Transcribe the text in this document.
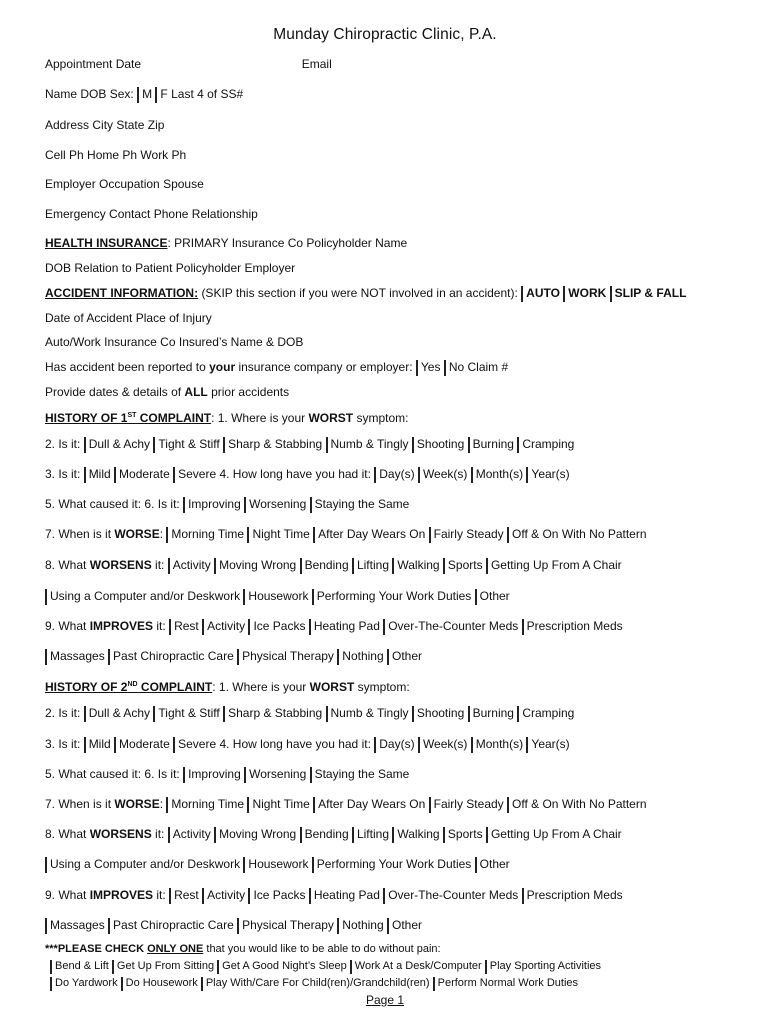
Munday Chiropractic Clinic, P.A.
Appointment Date	Email
Name DOB Sex: M F Last 4 of SS#
Address City State Zip
Cell Ph Home Ph Work Ph
Employer Occupation Spouse
Emergency Contact Phone Relationship
HEALTH INSURANCE: PRIMARY Insurance Co Policyholder Name
DOB Relation to Patient Policyholder Employer
ACCIDENT INFORMATION: (SKIP this section if you were NOT involved in an accident): AUTO WORK SLIP & FALL
Date of Accident Place of Injury
Auto/Work Insurance Co Insured’s Name & DOB
Has accident been reported to your insurance company or employer: Yes No Claim #
Provide dates & details of ALL prior accidents
HISTORY OF 1ST COMPLAINT: 1. Where is your WORST symptom:
2. Is it: Dull & Achy Tight & Stiff Sharp & Stabbing Numb & Tingly Shooting Burning Cramping
3. Is it: Mild Moderate Severe 4. How long have you had it: Day(s) Week(s) Month(s) Year(s)
5. What caused it: 6. Is it: Improving Worsening Staying the Same
7. When is it WORSE: Morning Time Night Time After Day Wears On Fairly Steady Off & On With No Pattern
8. What WORSENS it: Activity Moving Wrong Bending Lifting Walking Sports Getting Up From A Chair
Using a Computer and/or Deskwork Housework Performing Your Work Duties Other
9. What IMPROVES it: Rest Activity Ice Packs Heating Pad Over-The-Counter Meds Prescription Meds
Massages Past Chiropractic Care Physical Therapy Nothing Other
HISTORY OF 2ND COMPLAINT: 1. Where is your WORST symptom:
2. Is it: Dull & Achy Tight & Stiff Sharp & Stabbing Numb & Tingly Shooting Burning Cramping
3. Is it: Mild Moderate Severe 4. How long have you had it: Day(s) Week(s) Month(s) Year(s)
5. What caused it: 6. Is it: Improving Worsening Staying the Same
7. When is it WORSE: Morning Time Night Time After Day Wears On Fairly Steady Off & On With No Pattern
8. What WORSENS it: Activity Moving Wrong Bending Lifting Walking Sports Getting Up From A Chair
Using a Computer and/or Deskwork Housework Performing Your Work Duties Other
9. What IMPROVES it: Rest Activity Ice Packs Heating Pad Over-The-Counter Meds Prescription Meds
Massages Past Chiropractic Care Physical Therapy Nothing Other
***PLEASE CHECK ONLY ONE that you would like to be able to do without pain:
Bend & Lift Get Up From Sitting Get A Good Night’s Sleep Work At a Desk/Computer Play Sporting Activities
Do Yardwork Do Housework Play With/Care For Child(ren)/Grandchild(ren) Perform Normal Work Duties
Page 1
